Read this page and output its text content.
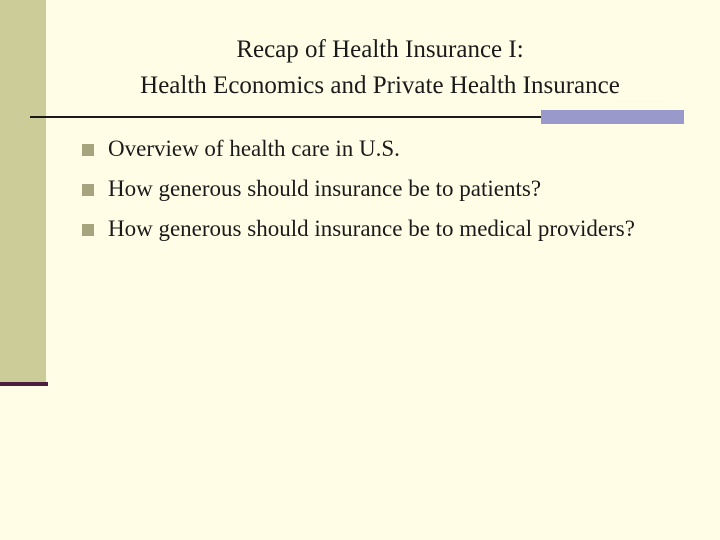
Recap of Health Insurance I:
Health Economics and Private Health Insurance
Overview of health care in U.S.
How generous should insurance be to patients?
How generous should insurance be to medical providers?
